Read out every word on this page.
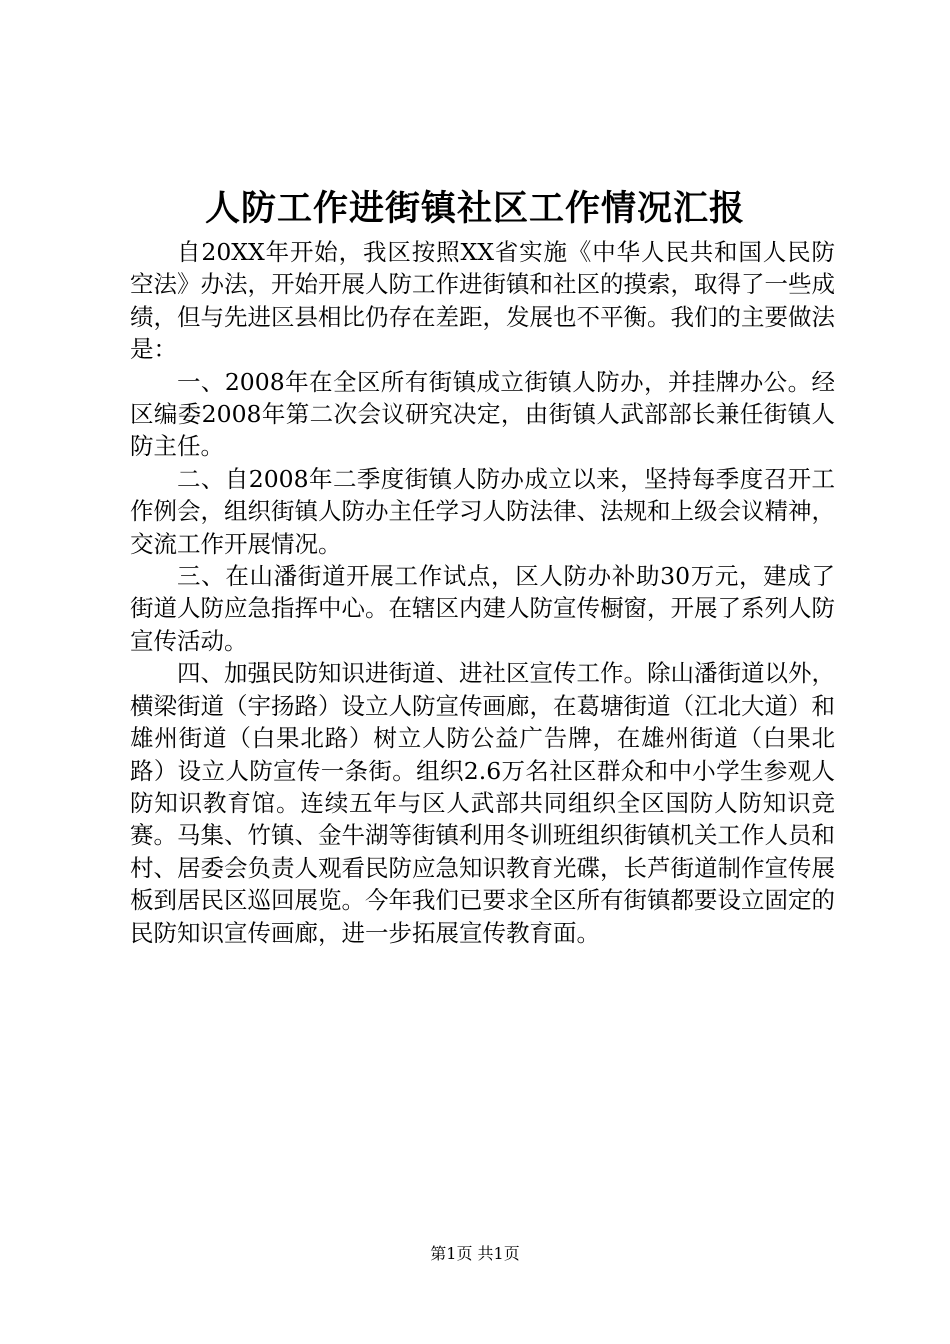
人防工作进街镇社区工作情况汇报

自20XX年开始，我区按照XX省实施《中华人民共和国人民防空法》办法，开始开展人防工作进街镇和社区的摸索，取得了一些成绩，但与先进区县相比仍存在差距，发展也不平衡。我们的主要做法是：

一、2008年在全区所有街镇成立街镇人防办，并挂牌办公。经区编委2008年第二次会议研究决定，由街镇人武部部长兼任街镇人防主任。

二、自2008年二季度街镇人防办成立以来，坚持每季度召开工作例会，组织街镇人防办主任学习人防法律、法规和上级会议精神，交流工作开展情况。

三、在山潘街道开展工作试点，区人防办补助30万元，建成了街道人防应急指挥中心。在辖区内建人防宣传橱窗，开展了系列人防宣传活动。

四、加强民防知识进街道、进社区宣传工作。除山潘街道以外，横梁街道（宇扬路）设立人防宣传画廊，在葛塘街道（江北大道）和雄州街道（白果北路）树立人防公益广告牌，在雄州街道（白果北路）设立人防宣传一条街。组织2.6万名社区群众和中小学生参观人防知识教育馆。连续五年与区人武部共同组织全区国防人防知识竞赛。马集、竹镇、金牛湖等街镇利用冬训班组织街镇机关工作人员和村、居委会负责人观看民防应急知识教育光碟，长芦街道制作宣传展板到居民区巡回展览。今年我们已要求全区所有街镇都要设立固定的民防知识宣传画廊，进一步拓展宣传教育面。

第1页 共1页
